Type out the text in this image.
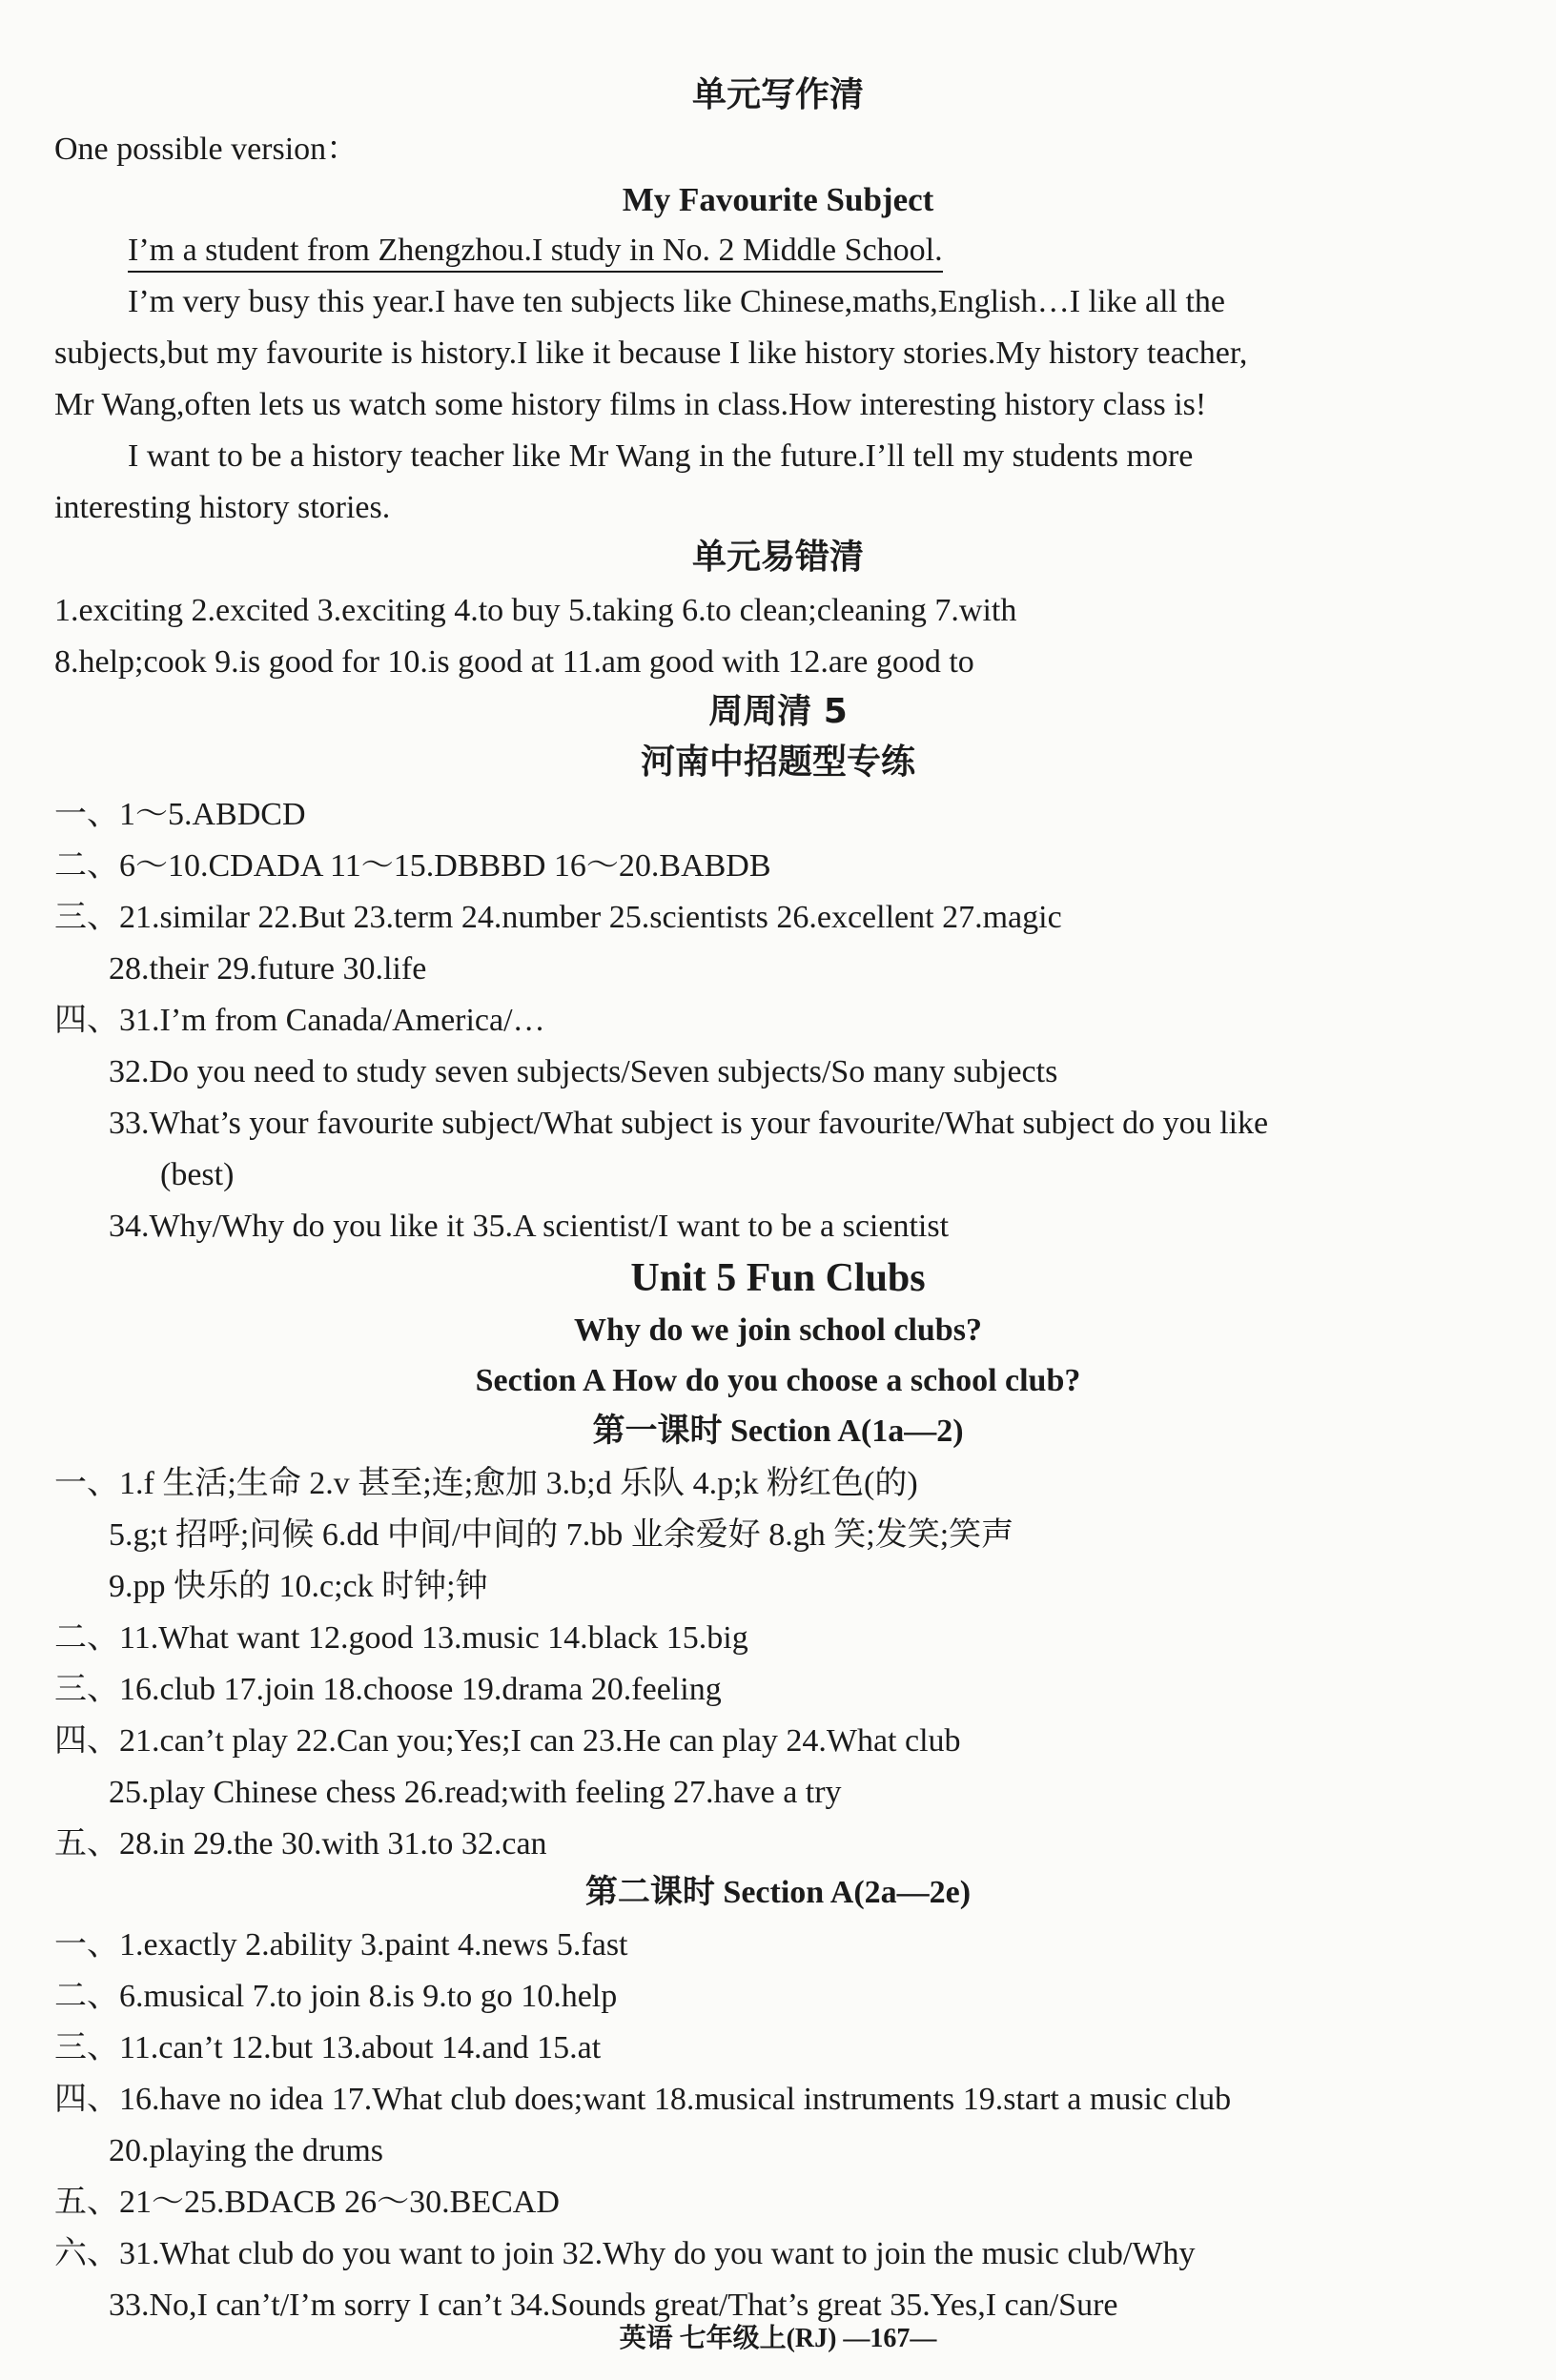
单元写作清
One possible version：
My Favourite Subject
I’m a student from Zhengzhou.I study in No. 2 Middle School.
I’m very busy this year.I have ten subjects like Chinese,maths,English…I like all the
subjects,but my favourite is history.I like it because I like history stories.My history teacher,
Mr Wang,often lets us watch some history films in class.How interesting history class is!
I want to be a history teacher like Mr Wang in the future.I’ll tell my students more
interesting history stories.
单元易错清
1.exciting 2.excited 3.exciting 4.to buy 5.taking 6.to clean;cleaning 7.with
8.help;cook 9.is good for 10.is good at 11.am good with 12.are good to
周周清 5
河南中招题型专练
一、1～5.ABDCD
二、6～10.CDADA 11～15.DBBBD 16～20.BABDB
三、21.similar 22.But 23.term 24.number 25.scientists 26.excellent 27.magic
28.their 29.future 30.life
四、31.I’m from Canada/America/…
32.Do you need to study seven subjects/Seven subjects/So many subjects
33.What’s your favourite subject/What subject is your favourite/What subject do you like
(best)
34.Why/Why do you like it 35.A scientist/I want to be a scientist
Unit 5 Fun Clubs
Why do we join school clubs?
Section A How do you choose a school club?
第一课时 Section A(1a—2)
一、1.f 生活;生命 2.v 甚至;连;愈加 3.b;d 乐队 4.p;k 粉红色(的)
5.g;t 招呼;问候 6.dd 中间/中间的 7.bb 业余爱好 8.gh 笑;发笑;笑声
9.pp 快乐的 10.c;ck 时钟;钟
二、11.What want 12.good 13.music 14.black 15.big
三、16.club 17.join 18.choose 19.drama 20.feeling
四、21.can’t play 22.Can you;Yes;I can 23.He can play 24.What club
25.play Chinese chess 26.read;with feeling 27.have a try
五、28.in 29.the 30.with 31.to 32.can
第二课时 Section A(2a—2e)
一、1.exactly 2.ability 3.paint 4.news 5.fast
二、6.musical 7.to join 8.is 9.to go 10.help
三、11.can’t 12.but 13.about 14.and 15.at
四、16.have no idea 17.What club does;want 18.musical instruments 19.start a music club
20.playing the drums
五、21～25.BDACB 26～30.BECAD
六、31.What club do you want to join 32.Why do you want to join the music club/Why
33.No,I can’t/I’m sorry I can’t 34.Sounds great/That’s great 35.Yes,I can/Sure
英语 七年级上(RJ) —167—
